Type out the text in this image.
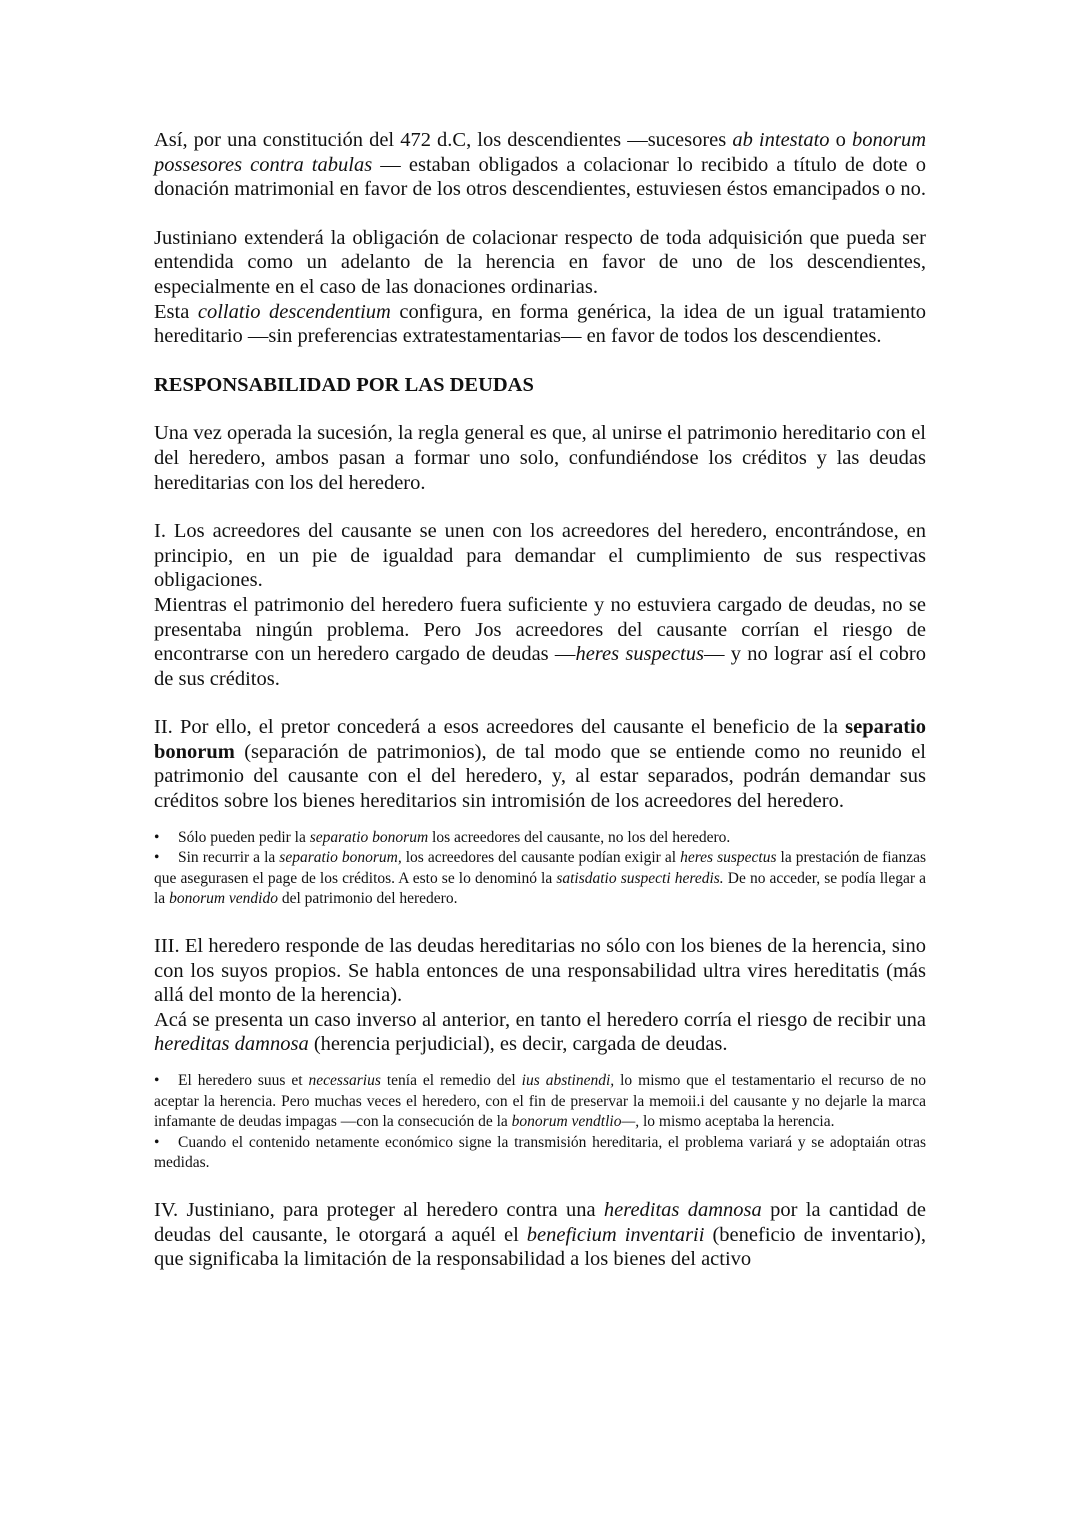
Así, por una constitución del 472 d.C, los descendientes —sucesores ab intestato o bonorum possesores contra tabulas — estaban obligados a colacionar lo recibido a título de dote o donación matrimonial en favor de los otros descendientes, estuviesen éstos emancipados o no.

Justiniano extenderá la obligación de colacionar respecto de toda adquisición que pueda ser entendida como un adelanto de la herencia en favor de uno de los descendientes, especialmente en el caso de las donaciones ordinarias.

Esta collatio descendentium configura, en forma genérica, la idea de un igual tratamiento hereditario —sin preferencias extratestamentarias— en favor de todos los descendientes.

RESPONSABILIDAD POR LAS DEUDAS

Una vez operada la sucesión, la regla general es que, al unirse el patrimonio hereditario con el del heredero, ambos pasan a formar uno solo, confundiéndose los créditos y las deudas hereditarias con los del heredero.

I. Los acreedores del causante se unen con los acreedores del heredero, encontrándose, en principio, en un pie de igualdad para demandar el cumplimiento de sus respectivas obligaciones.

Mientras el patrimonio del heredero fuera suficiente y no estuviera cargado de deudas, no se presentaba ningún problema. Pero Jos acreedores del causante corrían el riesgo de encontrarse con un heredero cargado de deudas —heres suspectus— y no lograr así el cobro de sus créditos.

II. Por ello, el pretor concederá a esos acreedores del causante el beneficio de la separatio bonorum (separación de patrimonios), de tal modo que se entiende como no reunido el patrimonio del causante con el del heredero, y, al estar separados, podrán demandar sus créditos sobre los bienes hereditarios sin intromisión de los acreedores del heredero.

• Sólo pueden pedir la separatio bonorum los acreedores del causante, no los del heredero.

• Sin recurrir a la separatio bonorum, los acreedores del causante podían exigir al heres suspectus la prestación de fianzas que asegurasen el page de los créditos. A esto se lo denominó la satisdatio suspecti heredis. De no acceder, se podía llegar a la bonorum vendido del patrimonio del heredero.

III. El heredero responde de las deudas hereditarias no sólo con los bienes de la herencia, sino con los suyos propios. Se habla entonces de una responsabilidad ultra vires hereditatis (más allá del monto de la herencia).

Acá se presenta un caso inverso al anterior, en tanto el heredero corría el riesgo de recibir una hereditas damnosa (herencia perjudicial), es decir, cargada de deudas.

• El heredero suus et necessarius tenía el remedio del ius abstinendi, lo mismo que el testamentario el recurso de no aceptar la herencia. Pero muchas veces el heredero, con el fin de preservar la memoii.i del causante y no dejarle la marca infamante de deudas impagas —con la consecución de la bonorum vendtlio—, lo mismo aceptaba la herencia.

• Cuando el contenido netamente económico signe la transmisión hereditaria, el problema variará y se adoptaián otras medidas.

IV. Justiniano, para proteger al heredero contra una hereditas damnosa por la cantidad de deudas del causante, le otorgará a aquél el beneficium inventarii (beneficio de inventario), que significaba la limitación de la responsabilidad a los bienes del activo
